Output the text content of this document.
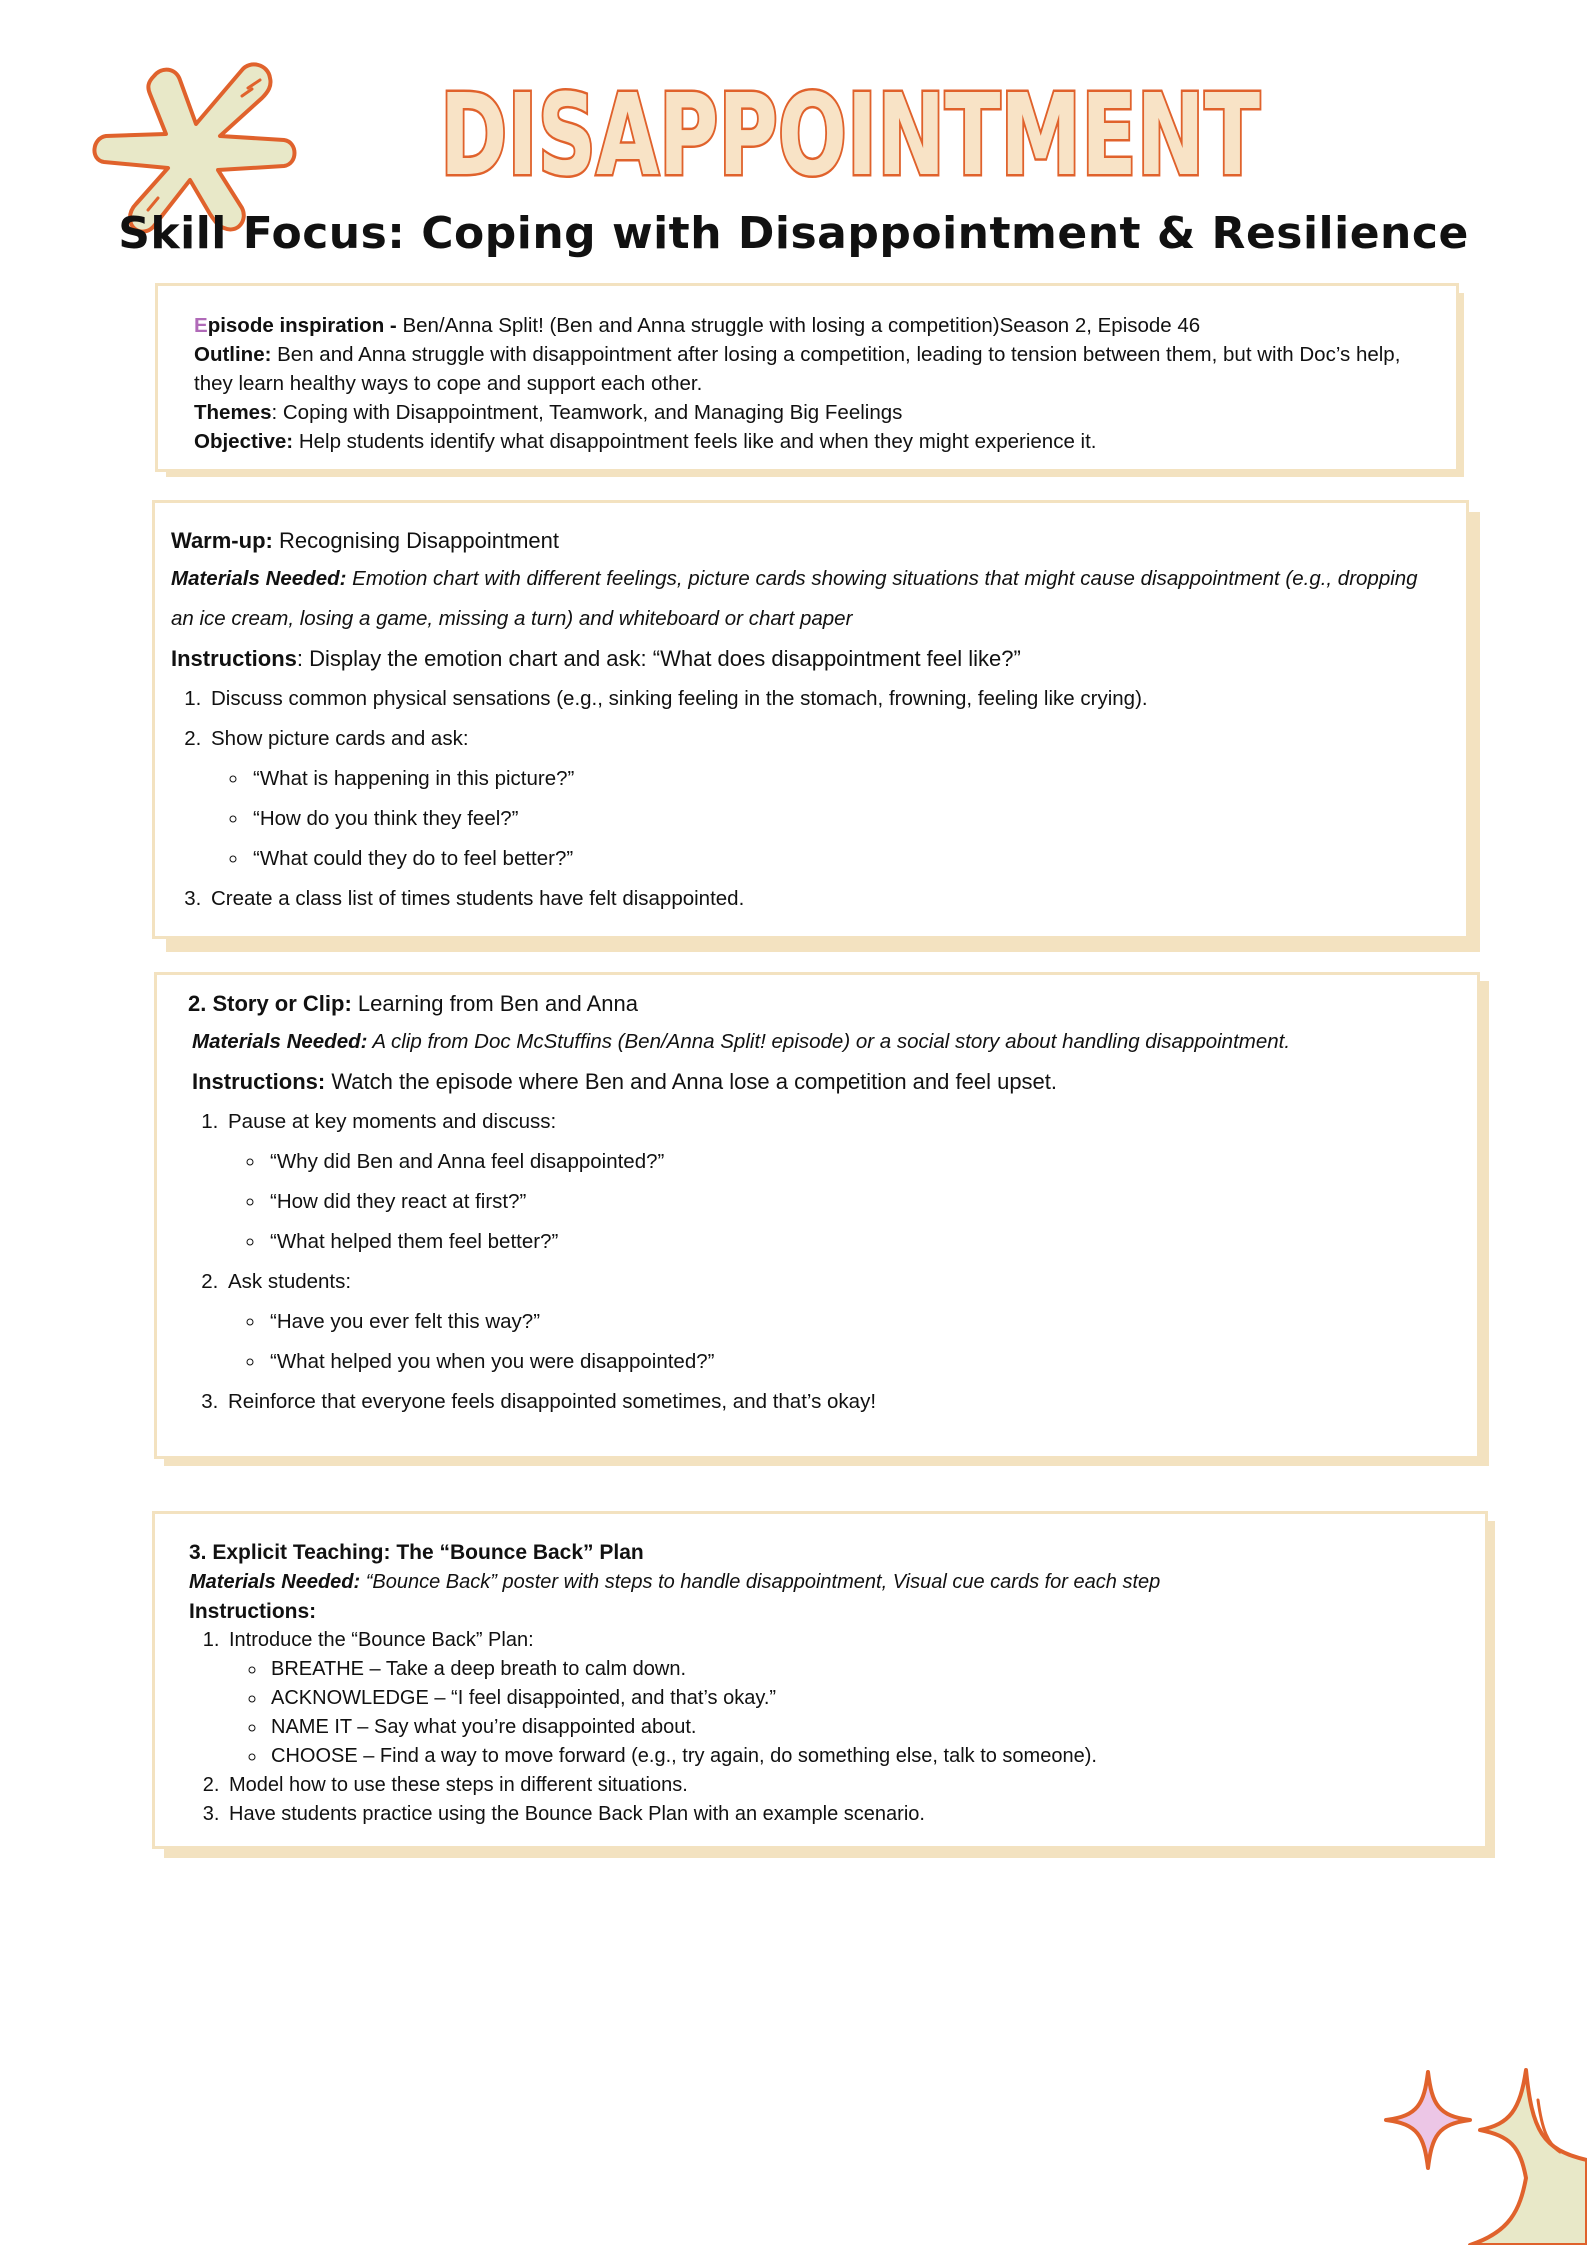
DISAPPOINTMENT
Skill Focus: Coping with Disappointment & Resilience
Episode inspiration - Ben/Anna Split! (Ben and Anna struggle with losing a competition)Season 2, Episode 46
Outline: Ben and Anna struggle with disappointment after losing a competition, leading to tension between them, but with Doc’s help, they learn healthy ways to cope and support each other.
Themes: Coping with Disappointment, Teamwork, and Managing Big Feelings
Objective: Help students identify what disappointment feels like and when they might experience it.
Warm-up: Recognising Disappointment
Materials Needed: Emotion chart with different feelings, picture cards showing situations that might cause disappointment (e.g., dropping an ice cream, losing a game, missing a turn) and whiteboard or chart paper
Instructions: Display the emotion chart and ask: “What does disappointment feel like?”
1. Discuss common physical sensations (e.g., sinking feeling in the stomach, frowning, feeling like crying).
2. Show picture cards and ask:
◦ “What is happening in this picture?”
◦ “How do you think they feel?”
◦ “What could they do to feel better?”
3. Create a class list of times students have felt disappointed.
2. Story or Clip: Learning from Ben and Anna
Materials Needed: A clip from Doc McStuffins (Ben/Anna Split! episode) or a social story about handling disappointment.
Instructions: Watch the episode where Ben and Anna lose a competition and feel upset.
1. Pause at key moments and discuss:
◦ “Why did Ben and Anna feel disappointed?”
◦ “How did they react at first?”
◦ “What helped them feel better?”
2. Ask students:
◦ “Have you ever felt this way?”
◦ “What helped you when you were disappointed?”
3. Reinforce that everyone feels disappointed sometimes, and that’s okay!
3. Explicit Teaching: The “Bounce Back” Plan
Materials Needed: “Bounce Back” poster with steps to handle disappointment, Visual cue cards for each step
Instructions:
1. Introduce the “Bounce Back” Plan:
◦ BREATHE – Take a deep breath to calm down.
◦ ACKNOWLEDGE – “I feel disappointed, and that’s okay.”
◦ NAME IT – Say what you’re disappointed about.
◦ CHOOSE – Find a way to move forward (e.g., try again, do something else, talk to someone).
2. Model how to use these steps in different situations.
3. Have students practice using the Bounce Back Plan with an example scenario.
